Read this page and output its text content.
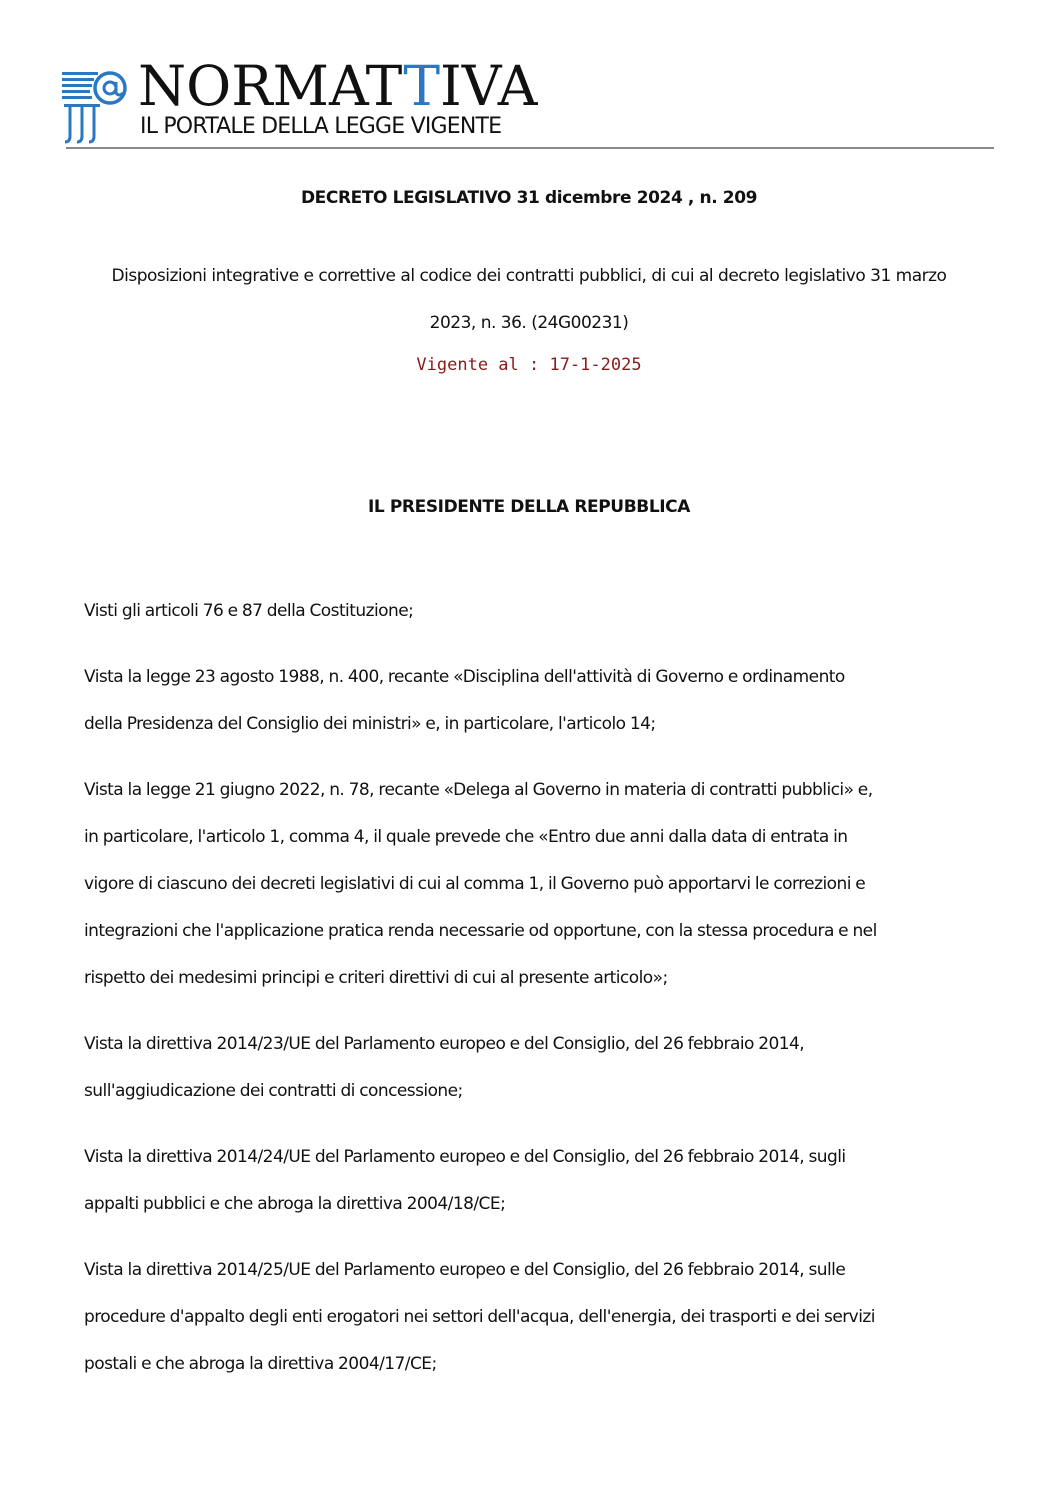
NORMATTIVA
IL PORTALE DELLA LEGGE VIGENTE
DECRETO LEGISLATIVO 31 dicembre 2024 , n. 209
Disposizioni integrative e correttive al codice dei contratti pubblici, di cui al decreto legislativo 31 marzo
2023, n. 36. (24G00231)
Vigente al : 17-1-2025
IL PRESIDENTE DELLA REPUBBLICA

Visti gli articoli 76 e 87 della Costituzione;

Vista la legge 23 agosto 1988, n. 400, recante «Disciplina dell'attività di Governo e ordinamento
della Presidenza del Consiglio dei ministri» e, in particolare, l'articolo 14;

Vista la legge 21 giugno 2022, n. 78, recante «Delega al Governo in materia di contratti pubblici» e,
in particolare, l'articolo 1, comma 4, il quale prevede che «Entro due anni dalla data di entrata in
vigore di ciascuno dei decreti legislativi di cui al comma 1, il Governo può apportarvi le correzioni e
integrazioni che l'applicazione pratica renda necessarie od opportune, con la stessa procedura e nel
rispetto dei medesimi principi e criteri direttivi di cui al presente articolo»;

Vista la direttiva 2014/23/UE del Parlamento europeo e del Consiglio, del 26 febbraio 2014,
sull'aggiudicazione dei contratti di concessione;

Vista la direttiva 2014/24/UE del Parlamento europeo e del Consiglio, del 26 febbraio 2014, sugli
appalti pubblici e che abroga la direttiva 2004/18/CE;

Vista la direttiva 2014/25/UE del Parlamento europeo e del Consiglio, del 26 febbraio 2014, sulle
procedure d'appalto degli enti erogatori nei settori dell'acqua, dell'energia, dei trasporti e dei servizi
postali e che abroga la direttiva 2004/17/CE;
